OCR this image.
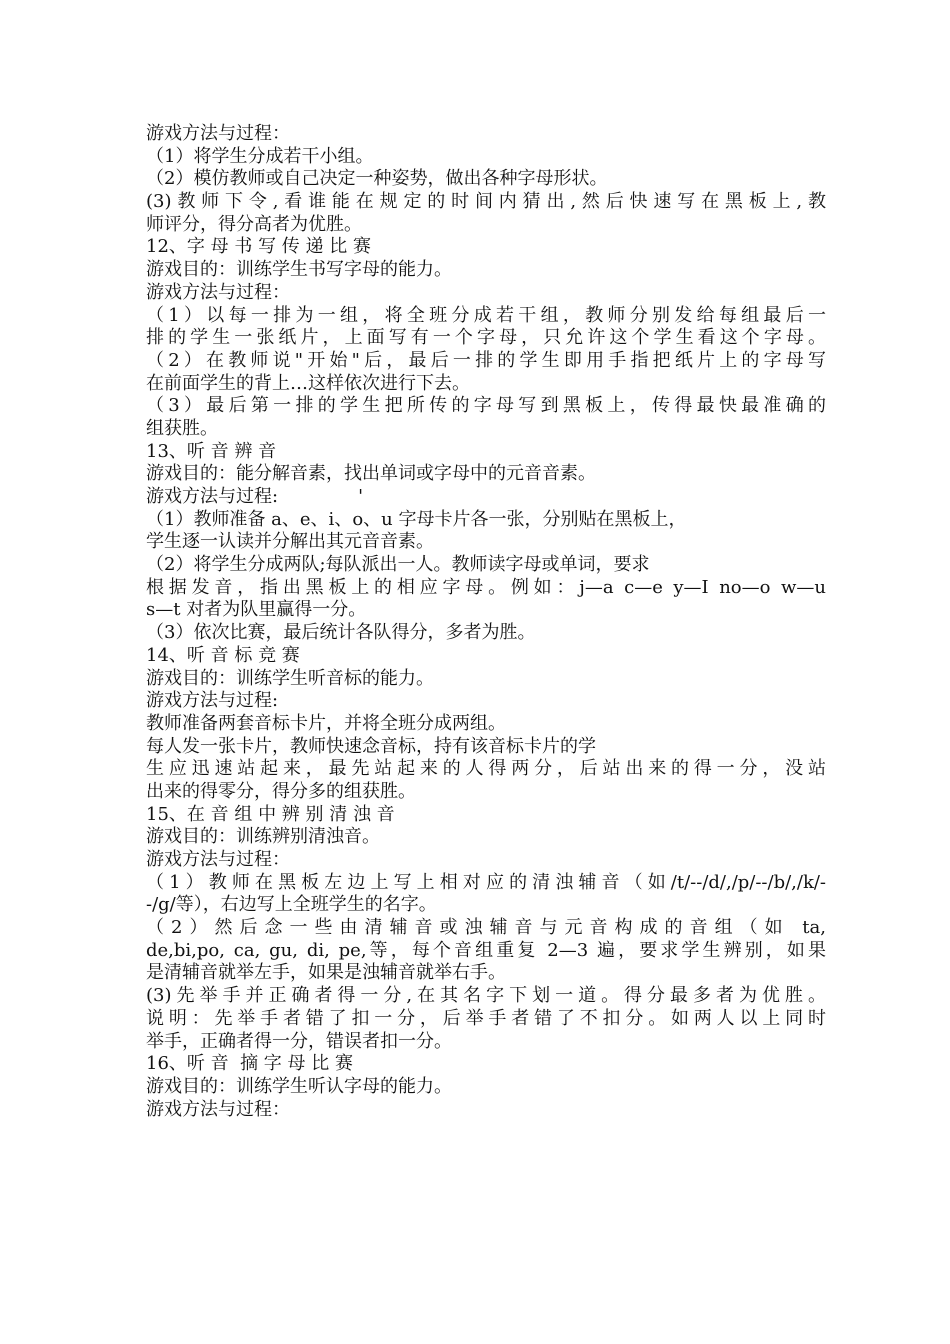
游戏方法与过程：
（1）将学生分成若干小组。
（2）模仿教师或自己决定一种姿势，做出各种字母形状。
(3)教师下令,看谁能在规定的时间内猜出,然后快速写在黑板上,教
师评分，得分高者为优胜。
12、字 母 书 写 传 递 比 赛
游戏目的：训练学生书写字母的能力。
游戏方法与过程：
（1）以每一排为一组，将全班分成若干组，教师分别发给每组最后一
排的学生一张纸片，上面写有一个字母，只允许这个学生看这个字母。
（2）在教师说"开始"后，最后一排的学生即用手指把纸片上的字母写
在前面学生的背上…这样依次进行下去。
（3）最后第一排的学生把所传的字母写到黑板上，传得最快最准确的
组获胜。
13、听 音 辨 音
游戏目的：能分解音素，找出单词或字母中的元音音素。
游戏方法与过程:              '
（1）教师准备 a、e、i、o、u 字母卡片各一张，分别贴在黑板上，
学生逐一认读并分解出其元音音素。
（2）将学生分成两队;每队派出一人。教师读字母或单词，要求
根据发音，指出黑板上的相应字母。例如：j—a c—e y—I no—o w—u
s—t 对者为队里赢得一分。
（3）依次比赛，最后统计各队得分，多者为胜。
14、听 音 标 竞 赛
游戏目的：训练学生听音标的能力。
游戏方法与过程:
教师准备两套音标卡片，并将全班分成两组。
每人发一张卡片，教师快速念音标，持有该音标卡片的学
生应迅速站起来，最先站起来的人得两分，后站出来的得一分，没站
出来的得零分，得分多的组获胜。
15、在 音 组 中 辨 别 清 浊 音
游戏目的：训练辨别清浊音。
游戏方法与过程：
（1）教师在黑板左边上写上相对应的清浊辅音（如/t/--/d/,/p/--/b/,/k/-
-/g/等），右边写上全班学生的名字。
（2）然后念一些由清辅音或浊辅音与元音构成的音组（如 ta,
de,bi,po, ca, gu, di, pe,等，每个音组重复 2—3 遍，要求学生辨别，如果
是清辅音就举左手，如果是浊辅音就举右手。
(3)先举手并正确者得一分,在其名字下划一道。得分最多者为优胜。
说明：先举手者错了扣一分，后举手者错了不扣分。如两人以上同时
举手，正确者得一分，错误者扣一分。
16、听 音  摘 字 母 比 赛
游戏目的：训练学生听认字母的能力。
游戏方法与过程：
